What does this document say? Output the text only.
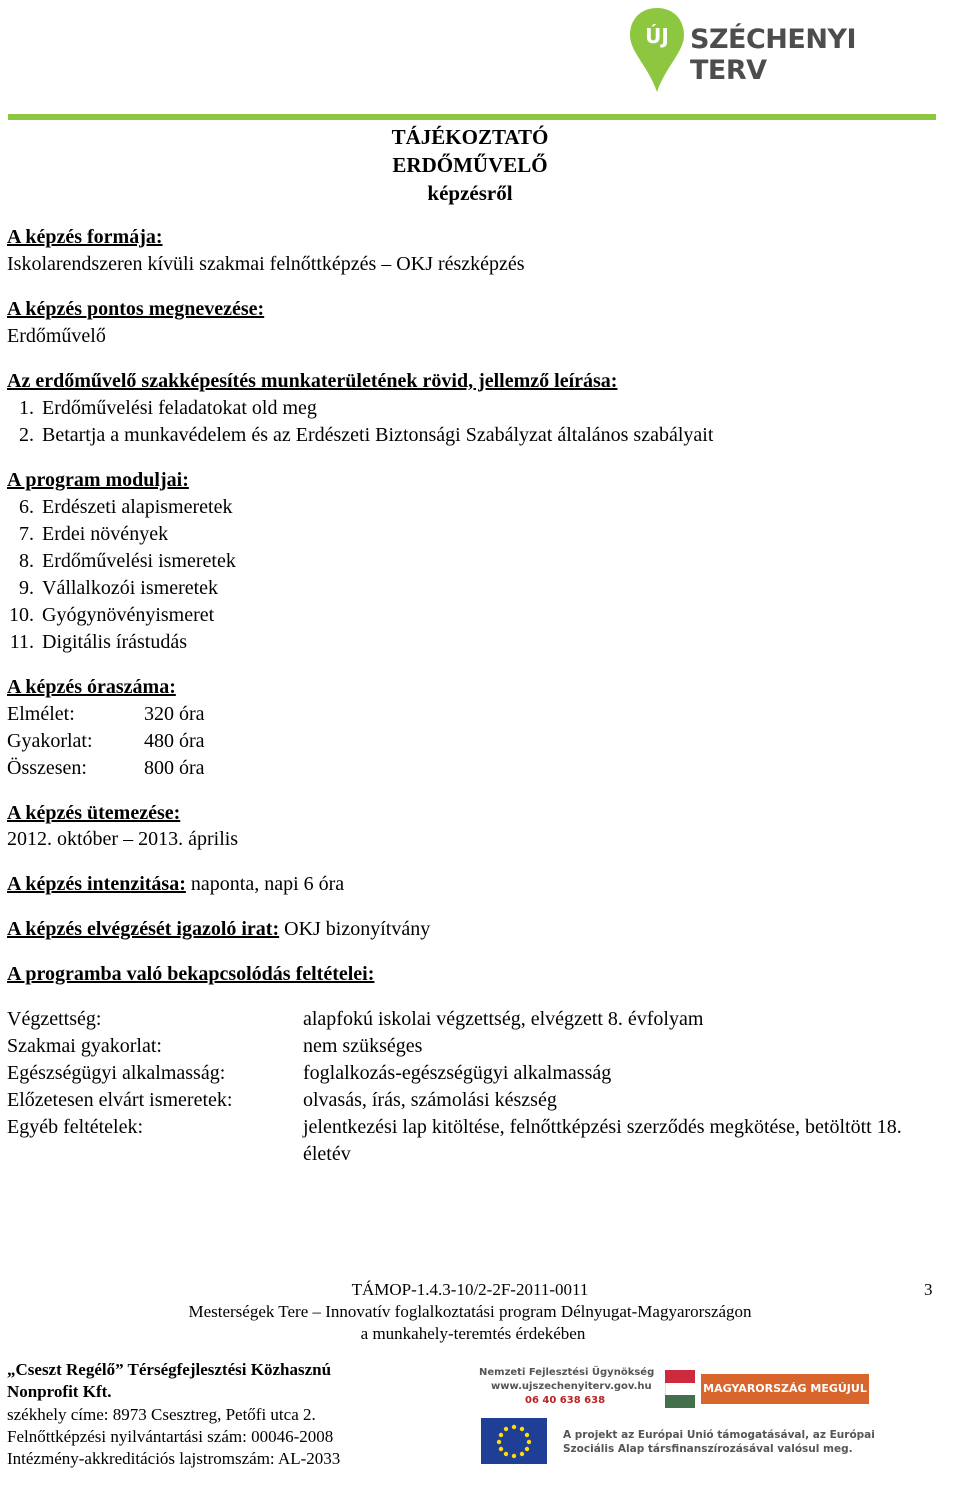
ÚJ SZÉCHENYI TERV
TÁJÉKOZTATÓ
ERDŐMŰVELŐ
képzésről
A képzés formája:
Iskolarendszeren kívüli szakmai felnőttképzés – OKJ részképzés
A képzés pontos megnevezése:
Erdőművelő
Az erdőművelő szakképesítés munkaterületének rövid, jellemző leírása:
1. Erdőművelési feladatokat old meg
2. Betartja a munkavédelem és az Erdészeti Biztonsági Szabályzat általános szabályait
A program moduljai:
6. Erdészeti alapismeretek
7. Erdei növények
8. Erdőművelési ismeretek
9. Vállalkozói ismeretek
10. Gyógynövényismeret
11. Digitális írástudás
A képzés óraszáma:
Elmélet:	320 óra
Gyakorlat:	480 óra
Összesen:	800 óra
A képzés ütemezése:
2012. október – 2013. április
A képzés intenzitása: naponta, napi 6 óra
A képzés elvégzését igazoló irat: OKJ bizonyítvány
A programba való bekapcsolódás feltételei:
Végzettség:	alapfokú iskolai végzettség, elvégzett 8. évfolyam
Szakmai gyakorlat:	nem szükséges
Egészségügyi alkalmasság:	foglalkozás-egészségügyi alkalmasság
Előzetesen elvárt ismeretek:	olvasás, írás, számolási készség
Egyéb feltételek:	jelentkezési lap kitöltése, felnőttképzési szerződés megkötése, betöltött 18.
életév
TÁMOP-1.4.3-10/2-2F-2011-0011	3
Mesterségek Tere – Innovatív foglalkoztatási program Délnyugat-Magyarországon
a munkahely-teremtés érdekében
„Cseszt Regélő” Térségfejlesztési Közhasznú
Nonprofit Kft.
székhely címe: 8973 Csesztreg, Petőfi utca 2.
Felnőttképzési nyilvántartási szám: 00046-2008
Intézmény-akkreditációs lajstromszám: AL-2033
Nemzeti Fejlesztési Ügynökség
www.ujszechenyiterv.gov.hu
06 40 638 638
MAGYARORSZÁG MEGÚJUL
A projekt az Európai Unió támogatásával, az Európai
Szociális Alap társfinanszírozásával valósul meg.
